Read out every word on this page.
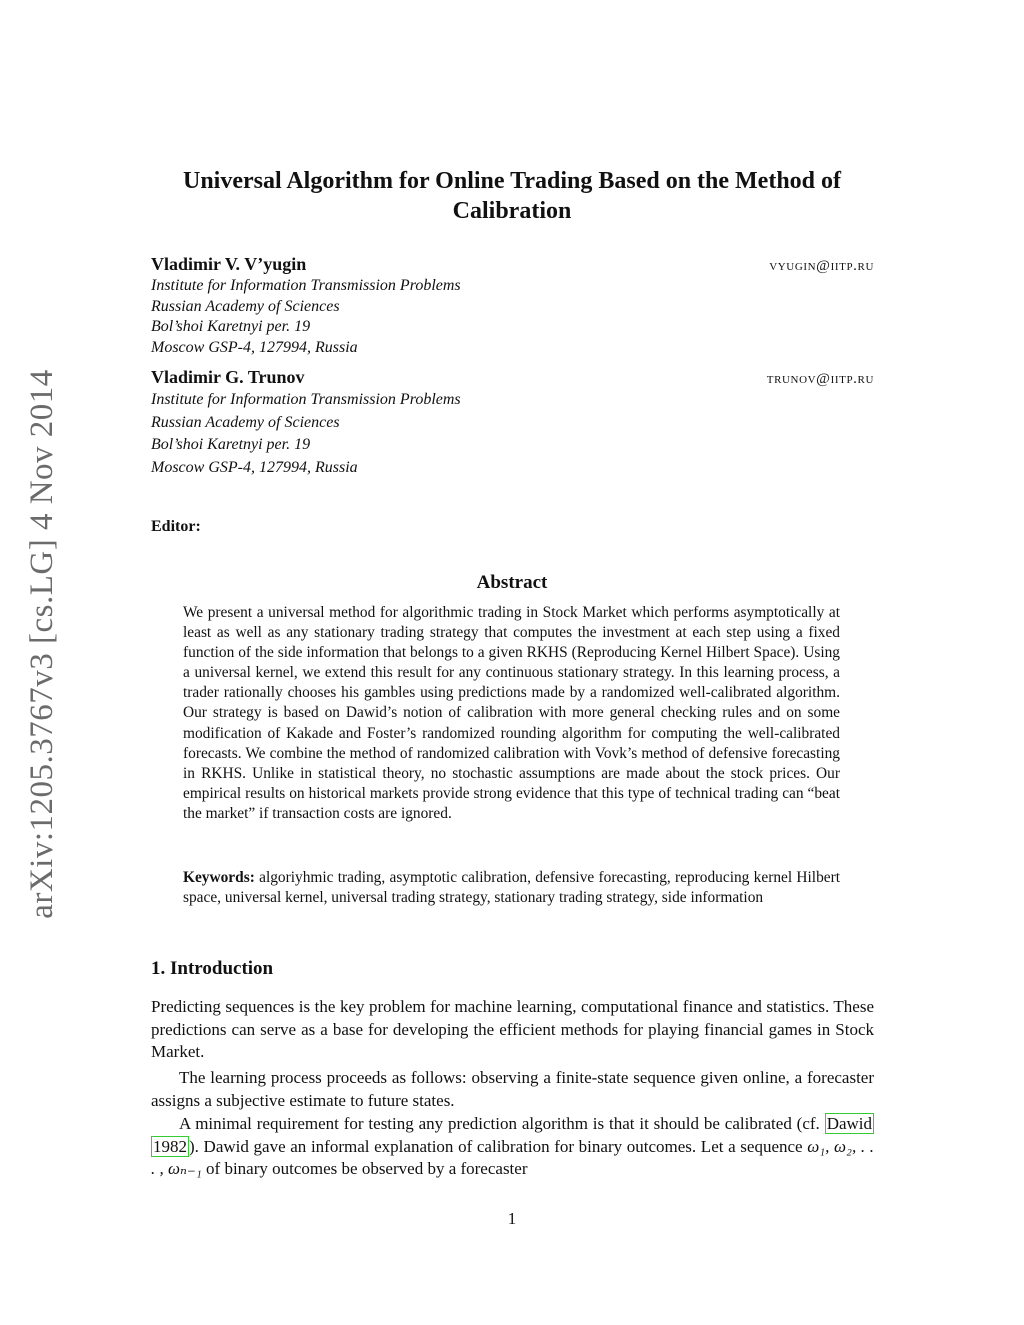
arXiv:1205.3767v3 [cs.LG] 4 Nov 2014
Universal Algorithm for Online Trading Based on the Method of Calibration
Vladimir V. V’yugin	vyugin@iitp.ru
Institute for Information Transmission Problems
Russian Academy of Sciences
Bol’shoi Karetnyi per. 19
Moscow GSP-4, 127994, Russia
Vladimir G. Trunov	trunov@iitp.ru
Institute for Information Transmission Problems
Russian Academy of Sciences
Bol’shoi Karetnyi per. 19
Moscow GSP-4, 127994, Russia
Editor:
Abstract
We present a universal method for algorithmic trading in Stock Market which performs asymptotically at least as well as any stationary trading strategy that computes the investment at each step using a fixed function of the side information that belongs to a given RKHS (Reproducing Kernel Hilbert Space). Using a universal kernel, we extend this result for any continuous stationary strategy. In this learning process, a trader rationally chooses his gambles using predictions made by a randomized well-calibrated algorithm. Our strategy is based on Dawid’s notion of calibration with more general checking rules and on some modification of Kakade and Foster’s randomized rounding algorithm for computing the well-calibrated forecasts. We combine the method of randomized calibration with Vovk’s method of defensive forecasting in RKHS. Unlike in statistical theory, no stochastic assumptions are made about the stock prices. Our empirical results on historical markets provide strong evidence that this type of technical trading can “beat the market” if transaction costs are ignored.
Keywords: algoriyhmic trading, asymptotic calibration, defensive forecasting, reproducing kernel Hilbert space, universal kernel, universal trading strategy, stationary trading strategy, side information
1. Introduction

Predicting sequences is the key problem for machine learning, computational finance and statistics. These predictions can serve as a base for developing the efficient methods for playing financial games in Stock Market.

The learning process proceeds as follows: observing a finite-state sequence given online, a forecaster assigns a subjective estimate to future states.

A minimal requirement for testing any prediction algorithm is that it should be calibrated (cf. Dawid 1982 ). Dawid gave an informal explanation of calibration for binary outcomes. Let a sequence ω₁, ω₂, . . . , ωₙ₋₁ of binary outcomes be observed by a forecaster

1
